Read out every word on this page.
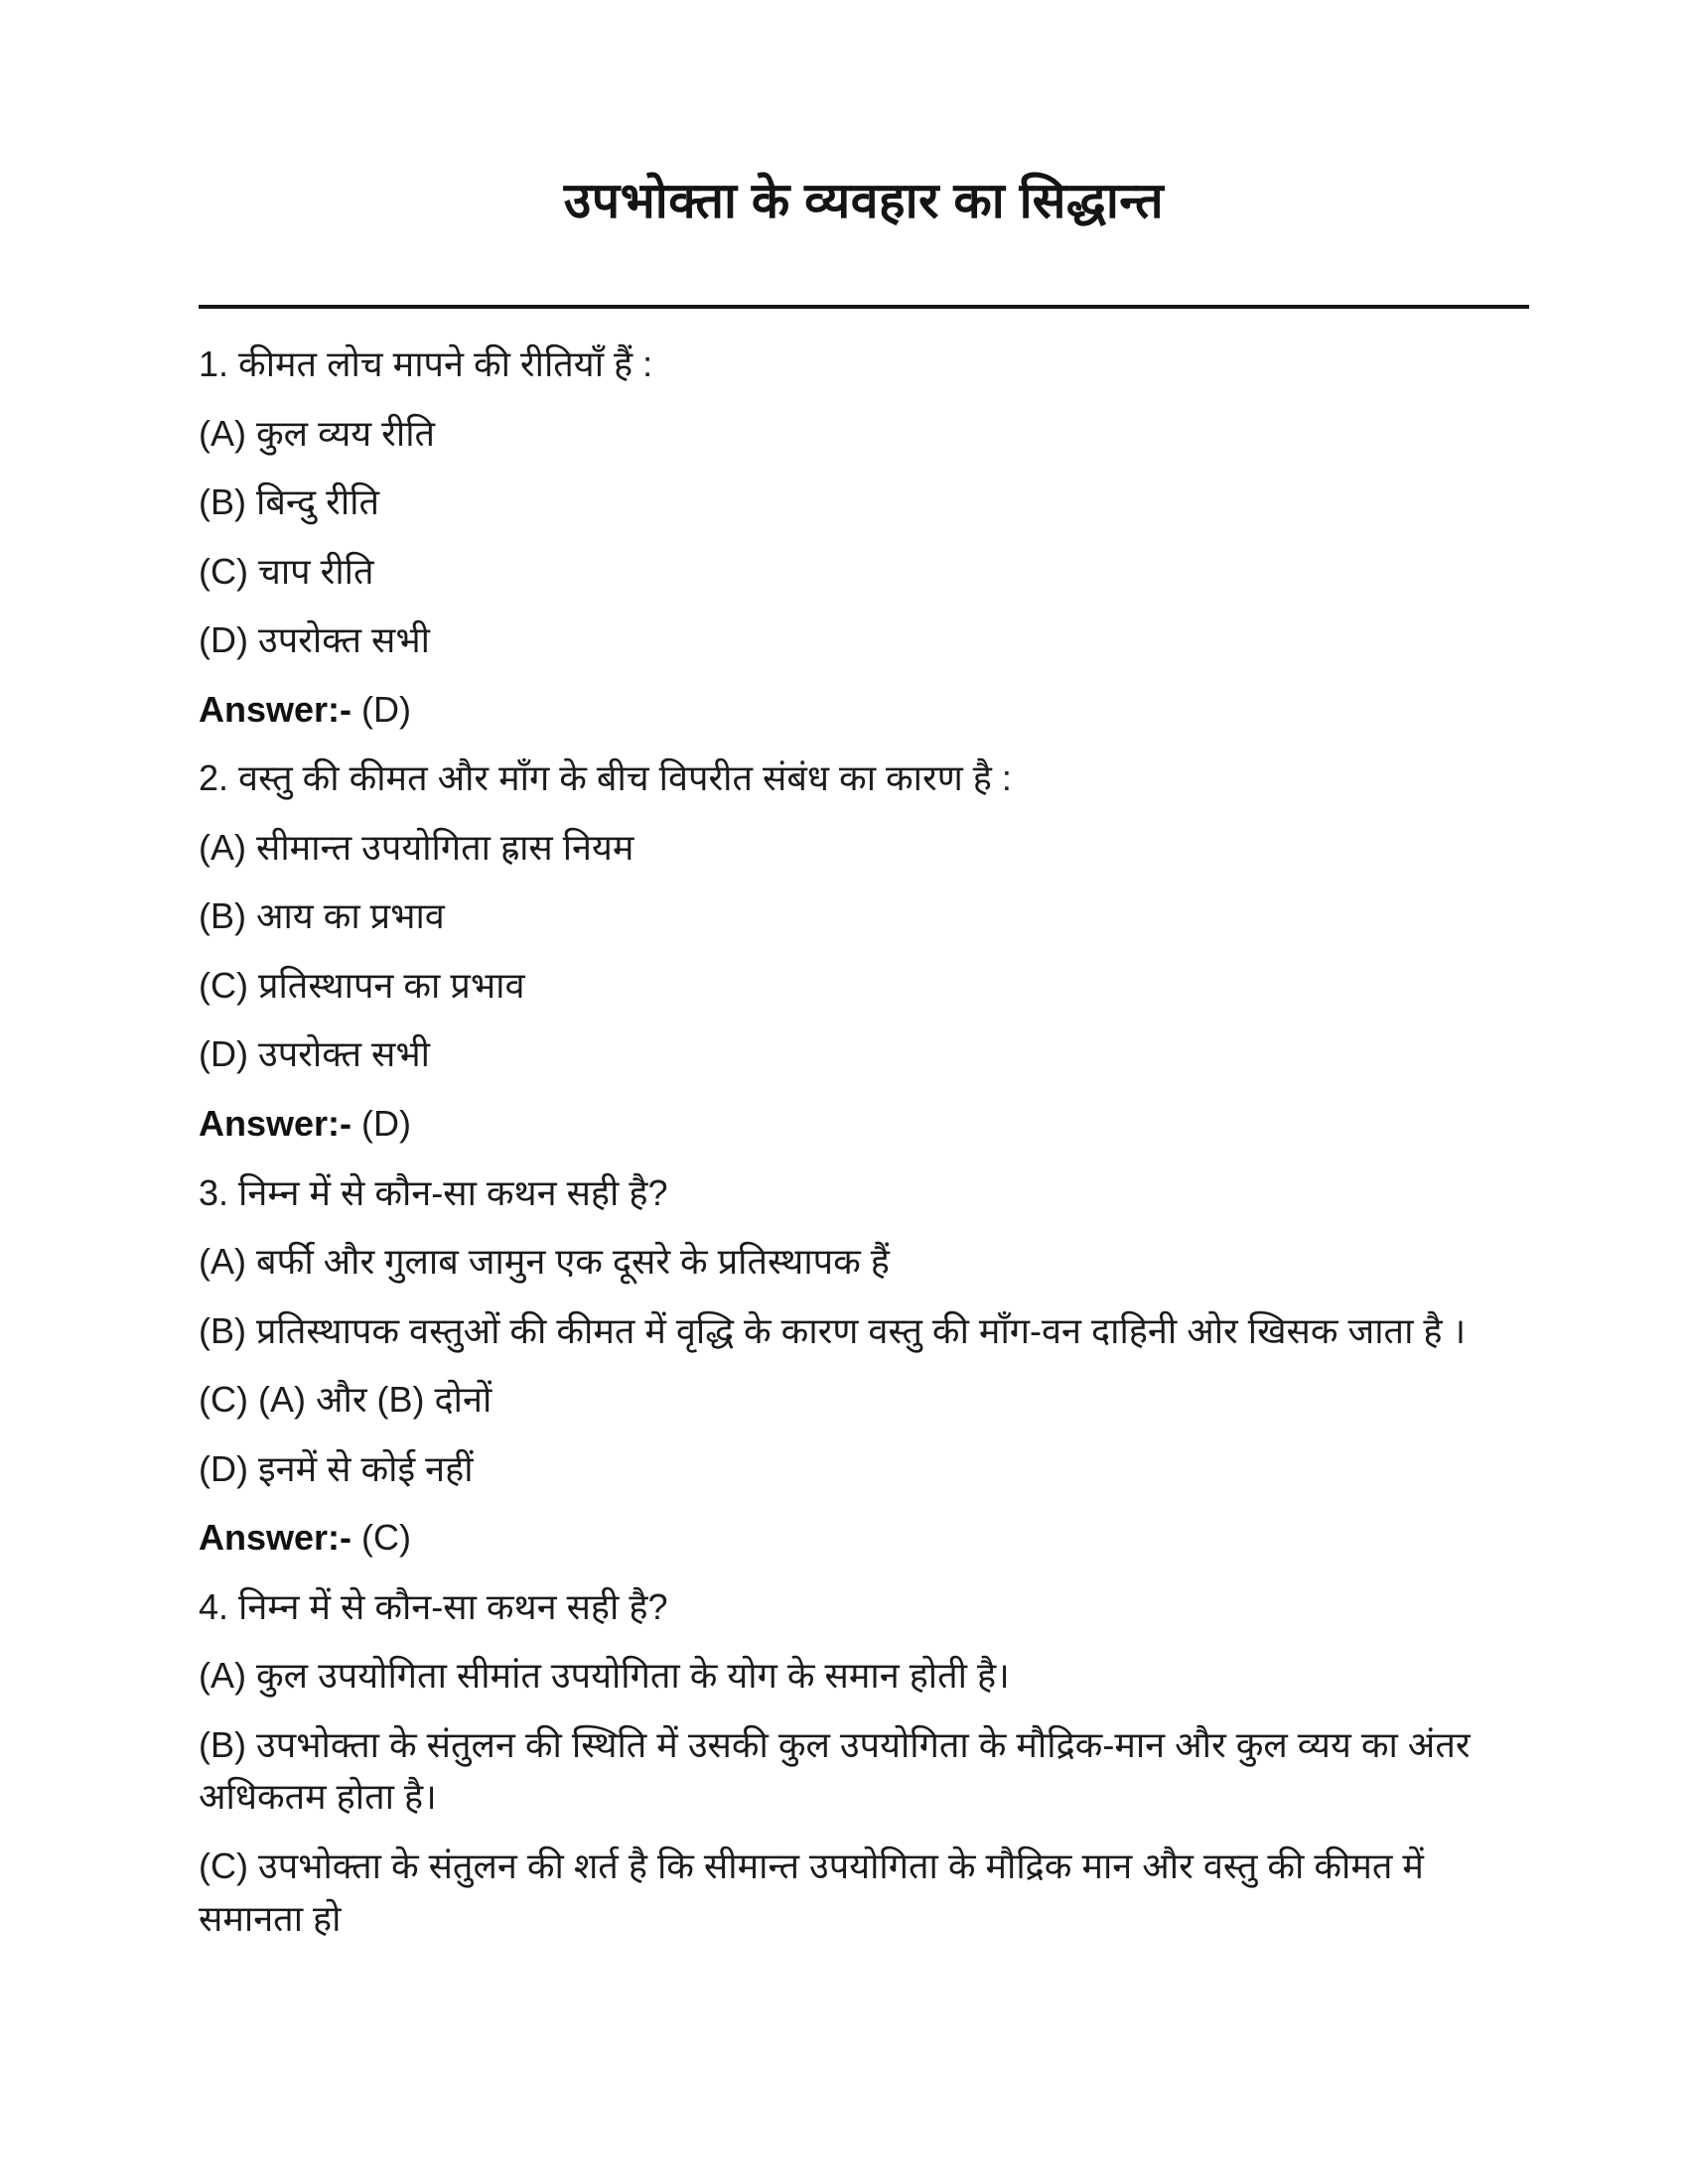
उपभोक्ता के व्यवहार का सिद्धान्त

1. कीमत लोच मापने की रीतियाँ हैं :

(A) कुल व्यय रीति

(B) बिन्दु रीति

(C) चाप रीति

(D) उपरोक्त सभी

Answer:- (D)

2. वस्तु की कीमत और माँग के बीच विपरीत संबंध का कारण है :

(A) सीमान्त उपयोगिता ह्रास नियम

(B) आय का प्रभाव

(C) प्रतिस्थापन का प्रभाव

(D) उपरोक्त सभी

Answer:- (D)

3. निम्न में से कौन-सा कथन सही है?

(A) बर्फी और गुलाब जामुन एक दूसरे के प्रतिस्थापक हैं

(B) प्रतिस्थापक वस्तुओं की कीमत में वृद्धि के कारण वस्तु की माँग-वन दाहिनी ओर खिसक जाता है ।

(C) (A) और (B) दोनों

(D) इनमें से कोई नहीं

Answer:- (C)

4. निम्न में से कौन-सा कथन सही है?

(A) कुल उपयोगिता सीमांत उपयोगिता के योग के समान होती है।

(B) उपभोक्ता के संतुलन की स्थिति में उसकी कुल उपयोगिता के मौद्रिक-मान और कुल व्यय का अंतर अधिकतम होता है।

(C) उपभोक्ता के संतुलन की शर्त है कि सीमान्त उपयोगिता के मौद्रिक मान और वस्तु की कीमत में समानता हो
